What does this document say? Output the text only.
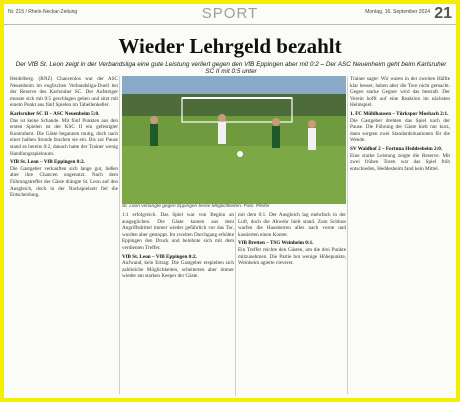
Nr. 215 / Rhein-Neckar-Zeitung	SPORT	Montag, 16. September 2024 21
Wieder Lehrgeld bezahlt
Der VfB St. Leon zeigt in der Verbandsliga eine gute Leistung verliert gegen den VfB Eppingen aber mit 0:2 – Der ASC Neuenheim geht beim Karlsruher SC II mit 0:5 unter

Heidelberg. (RNZ) Chancenlos war der ASC Neuenheim im englischen Verbandsliga-Duell bei der Reserve des Karlsruher SC. Der Aufsteiger musste sich mit 0:5 geschlagen geben und sitzt mit einem Punkt aus fünf Spielen im Tabellenkeller.

Karlsruher SC II – ASC Neuenheim 5:0.

Das ist keine Schande. Mit fünf Punkten aus den ersten Spielen ist der KSC II ein gefestigter Kontrahent. Die Gäste begannen mutig, doch nach einer halben Stunde brachen sie ein. Bis zur Pause stand es bereits 0:2, danach hatte der Trainer wenig Handlungsspielraum.

VfB St. Leon – VfB Eppingen 0:2.

Die Gastgeber verkauften sich lange gut, ließen aber ihre Chancen ungenutzt. Nach dem Führungstreffer der Gäste drängte St. Leon auf den Ausgleich, doch in der Nachspielzeit fiel die Entscheidung.

St. Leon verlangte gegen Eppingen beste Möglichkeiten. Foto: Pfeifer

1:1 erfolgreich. Das Spiel war von Beginn an ausgeglichen. Die Gäste kamen aus dem Angriffsdrittel immer wieder gefährlich vor das Tor, wurden aber gestoppt. Im zweiten Durchgang erhöhte Eppingen den Druck und belohnte sich mit dem verdienten Treffer.

VfB St. Leon – VfB Eppingen 0:2.

Aufwand, kein Ertrag: Die Gastgeber erspielten sich zahlreiche Möglichkeiten, scheiterten aber immer wieder am starken Keeper der Gäste.

mit dem 0:1. Der Ausgleich lag mehrfach in der Luft, doch die Abwehr hielt stand. Zum Schluss warfen die Hausherren alles nach vorne und kassierten einen Konter.

VfB Bretten – TSG Weinheim 0:1.

Ein Treffer reichte den Gästen, um die drei Punkte mitzunehmen. Die Partie bot wenige Höhepunkte, Weinheim agierte cleverer.

Trainer sagte: Wir waren in der zweiten Hälfte klar besser, haben aber die Tore nicht gemacht. Gegen starke Gegner wird das bestraft. Der Verein hofft auf eine Reaktion im nächsten Heimspiel.

1. FC Mühlhausen – Türkspor Mosbach 2:1.

Die Gastgeber drehten das Spiel nach der Pause. Die Führung der Gäste hielt nur kurz, dann sorgten zwei Standardsituationen für die Wende.

SV Waldhof 2 – Fortuna Heddesheim 2:0.

Eine starke Leistung zeigte die Reserve. Mit zwei frühen Toren war das Spiel früh entschieden, Heddesheim fand kein Mittel.
